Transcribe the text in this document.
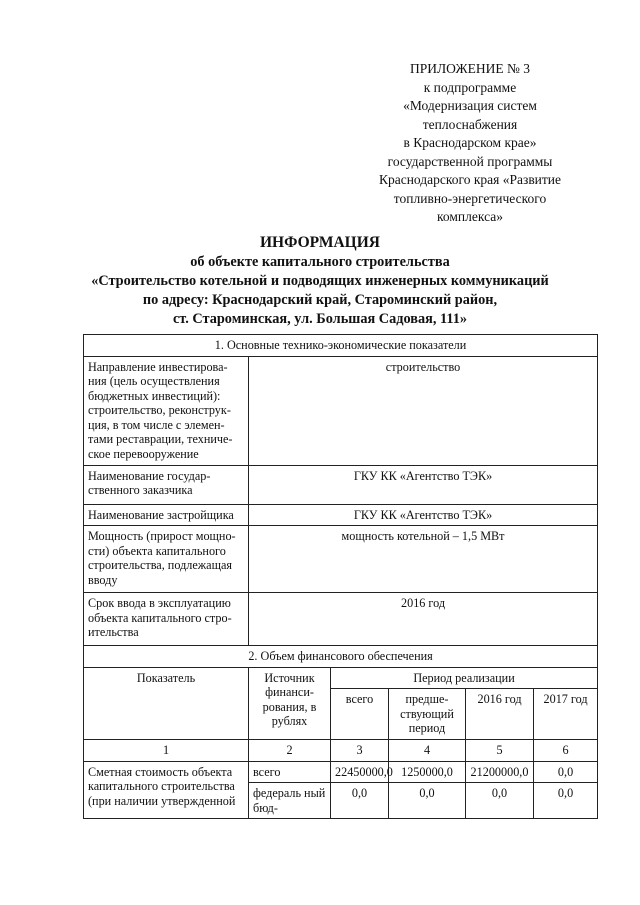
ПРИЛОЖЕНИЕ № 3
к подпрограмме
«Модернизация систем
теплоснабжения
в Краснодарском крае»
государственной программы
Краснодарского края «Развитие
топливно-энергетического
комплекса»
ИНФОРМАЦИЯ
об объекте капитального строительства
«Строительство котельной и подводящих инженерных коммуникаций
по адресу: Краснодарский край, Староминский район,
ст. Староминская, ул. Большая Садовая, 111»
1. Основные технико-экономические показатели					
Направление инвестирова-ния (цель осуществления бюджетных инвестиций): строительство, реконструк-ция, в том числе с элемен-тами реставрации, техниче-ское перевооружение	строительство				
Наименование государ-ственного заказчика	ГКУ КК «Агентство ТЭК»				
Наименование застройщика	ГКУ КК «Агентство ТЭК»				
Мощность (прирост мощно-сти) объекта капитального строительства, подлежащая вводу	мощность котельной – 1,5 МВт				
Срок ввода в эксплуатацию объекта капитального стро-ительства	2016 год				
2. Объем финансового обеспечения					
Показатель	Источник финанси-рования, в рублях	Период реализации			
		всего	предше-ствующий период	2016 год	2017 год
1	2	3	4	5	6
Сметная стоимость объекта капитального строительства (при наличии утвержденной	всего	22450000,0	1250000,0	21200000,0	0,0
	федераль ный бюд-	0,0	0,0	0,0	0,0
